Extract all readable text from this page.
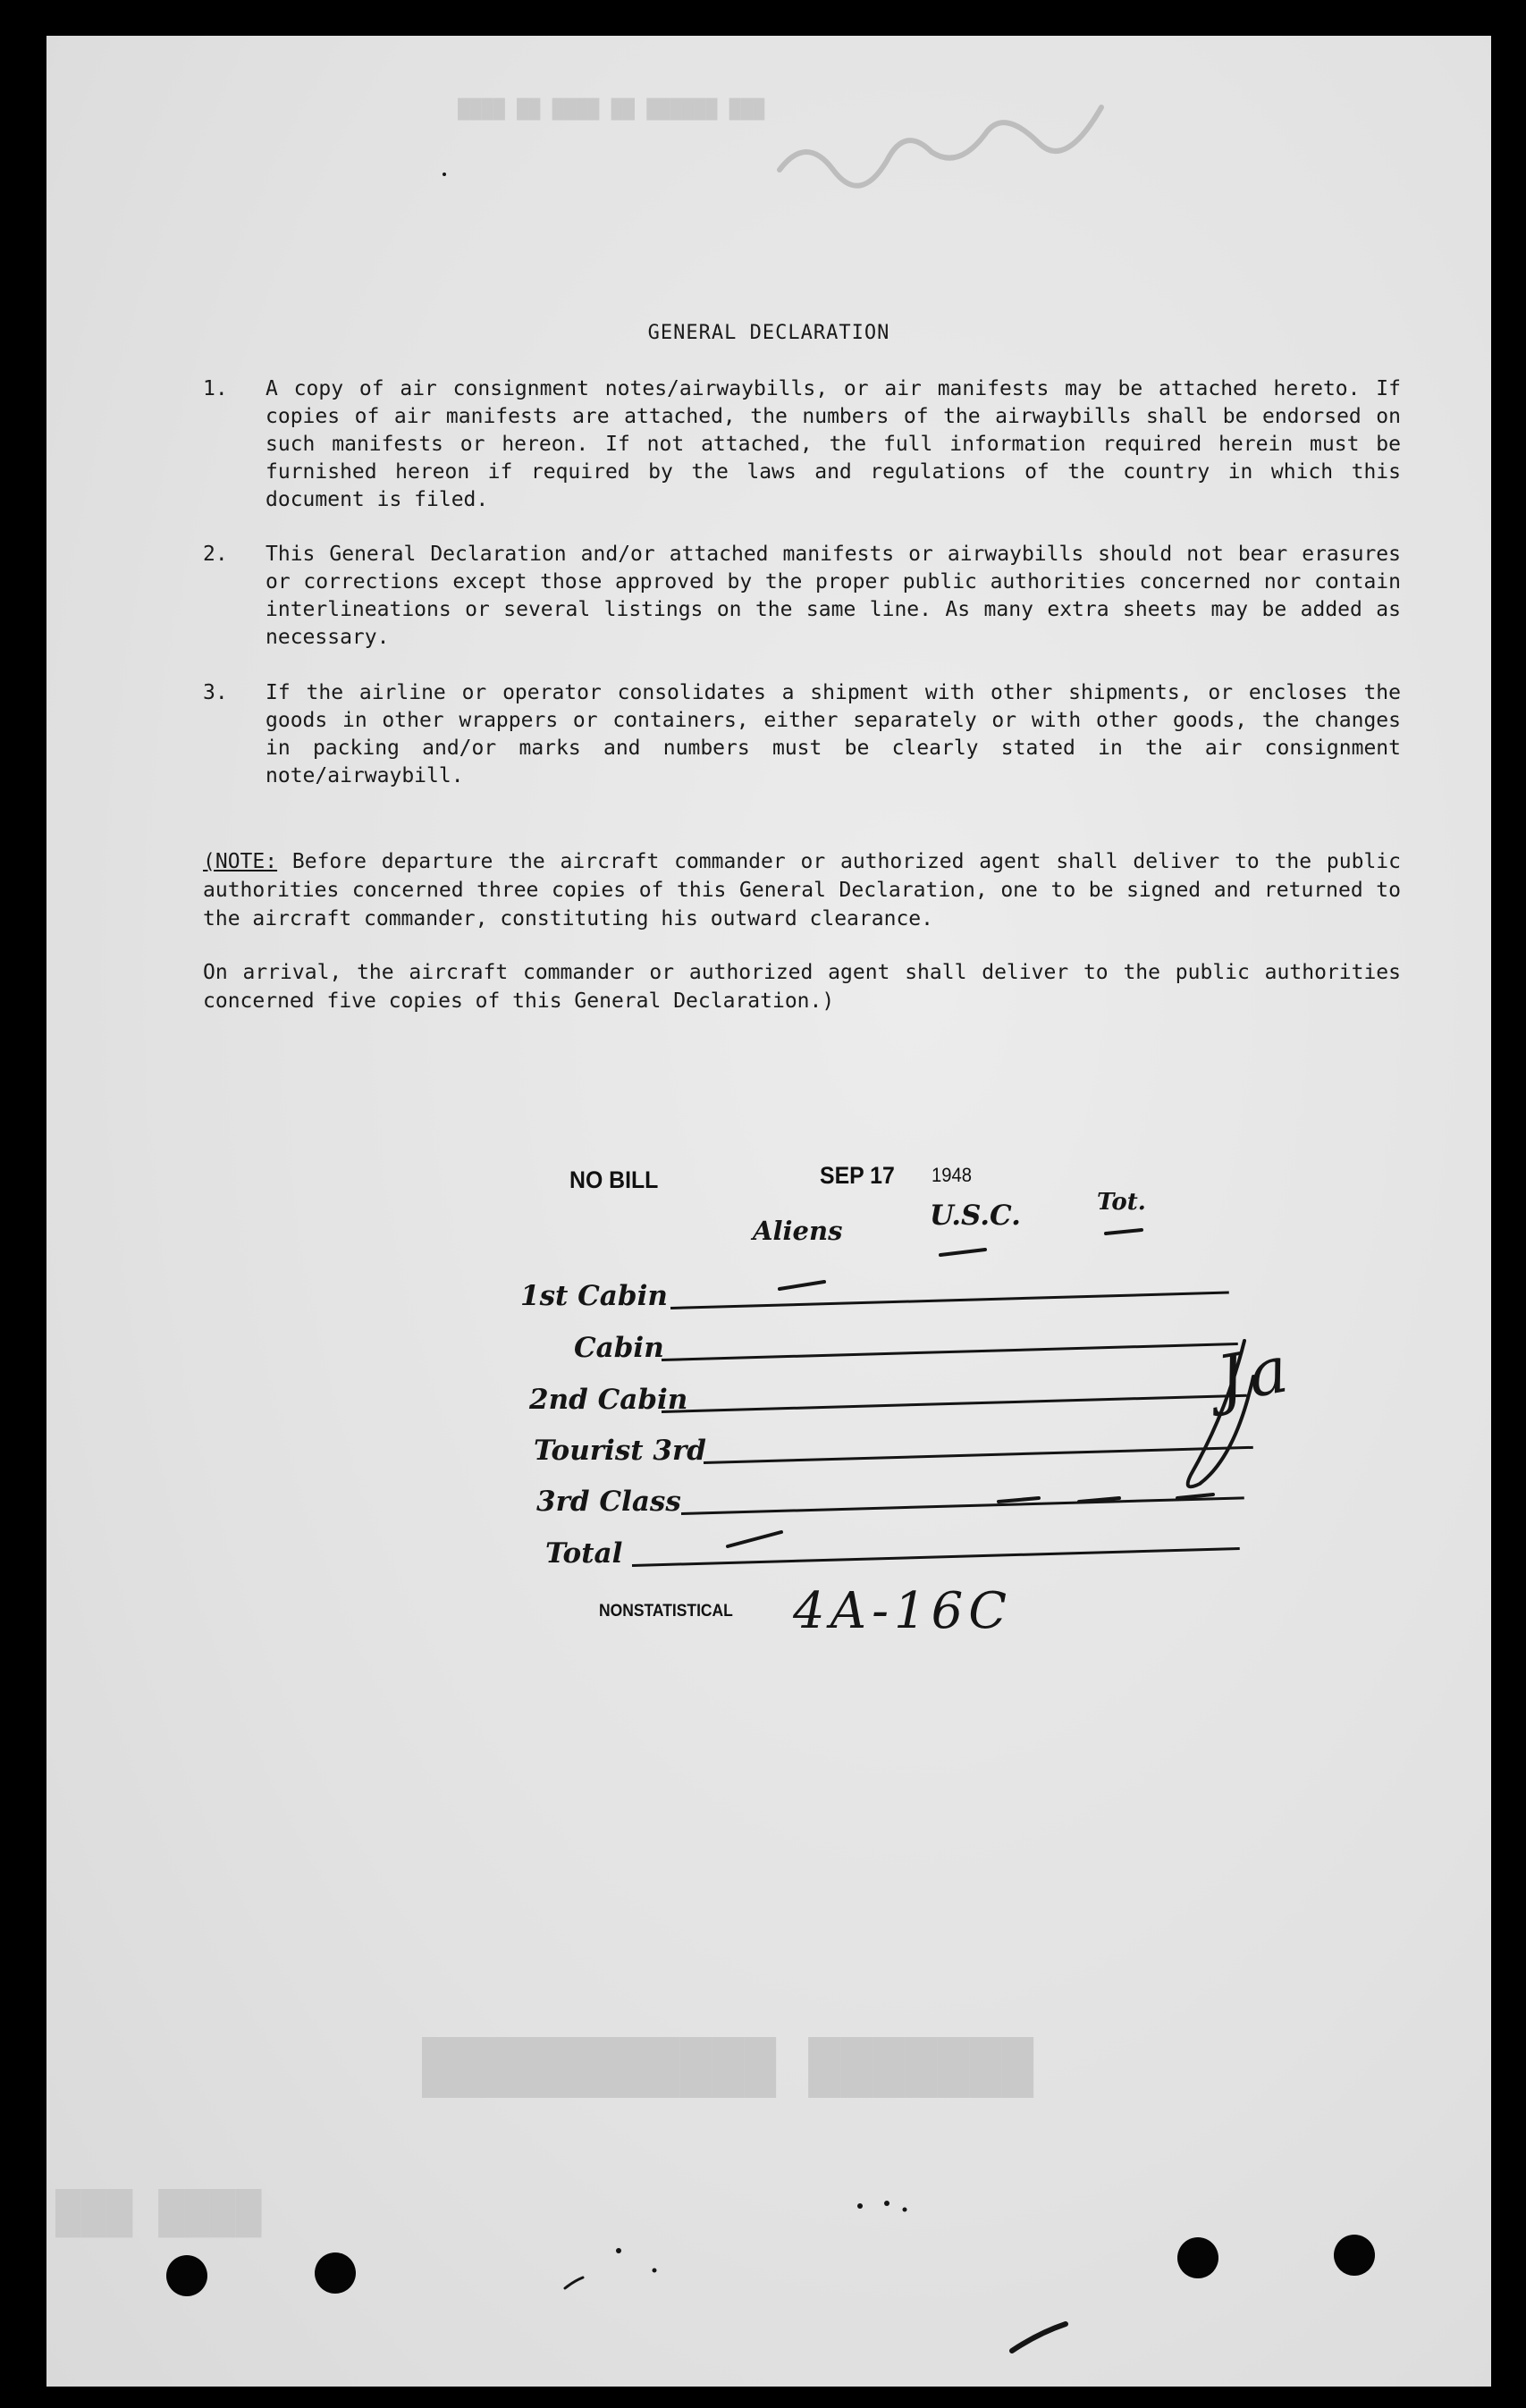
███ ██████ ██ ████ ██ ████
███████ ███████████
████ ███
GENERAL DECLARATION
1. A copy of air consignment notes/airwaybills, or air manifests may be attached hereto. If copies of air manifests are attached, the numbers of the airwaybills shall be endorsed on such manifests or hereon. If not attached, the full information required herein must be furnished hereon if required by the laws and regulations of the country in which this document is filed.
2. This General Declaration and/or attached manifests or airwaybills should not bear erasures or corrections except those approved by the proper public authorities concerned nor contain interlineations or several listings on the same line. As many extra sheets may be added as necessary.
3. If the airline or operator consolidates a shipment with other shipments, or encloses the goods in other wrappers or containers, either separately or with other goods, the changes in packing and/or marks and numbers must be clearly stated in the air consignment note/airwaybill.
(NOTE: Before departure the aircraft commander or authorized agent shall deliver to the public authorities concerned three copies of this General Declaration, one to be signed and returned to the aircraft commander, constituting his outward clearance.
On arrival, the aircraft commander or authorized agent shall deliver to the public authorities concerned five copies of this General Declaration.)
NO BILL	SEP 17 1948
Aliens	U.S.C.	Tot.
1st Cabin
Cabin
2nd Cabin
Tourist 3rd
3rd Class
Total
NONSTATISTICAL 4A-16C
Ja
